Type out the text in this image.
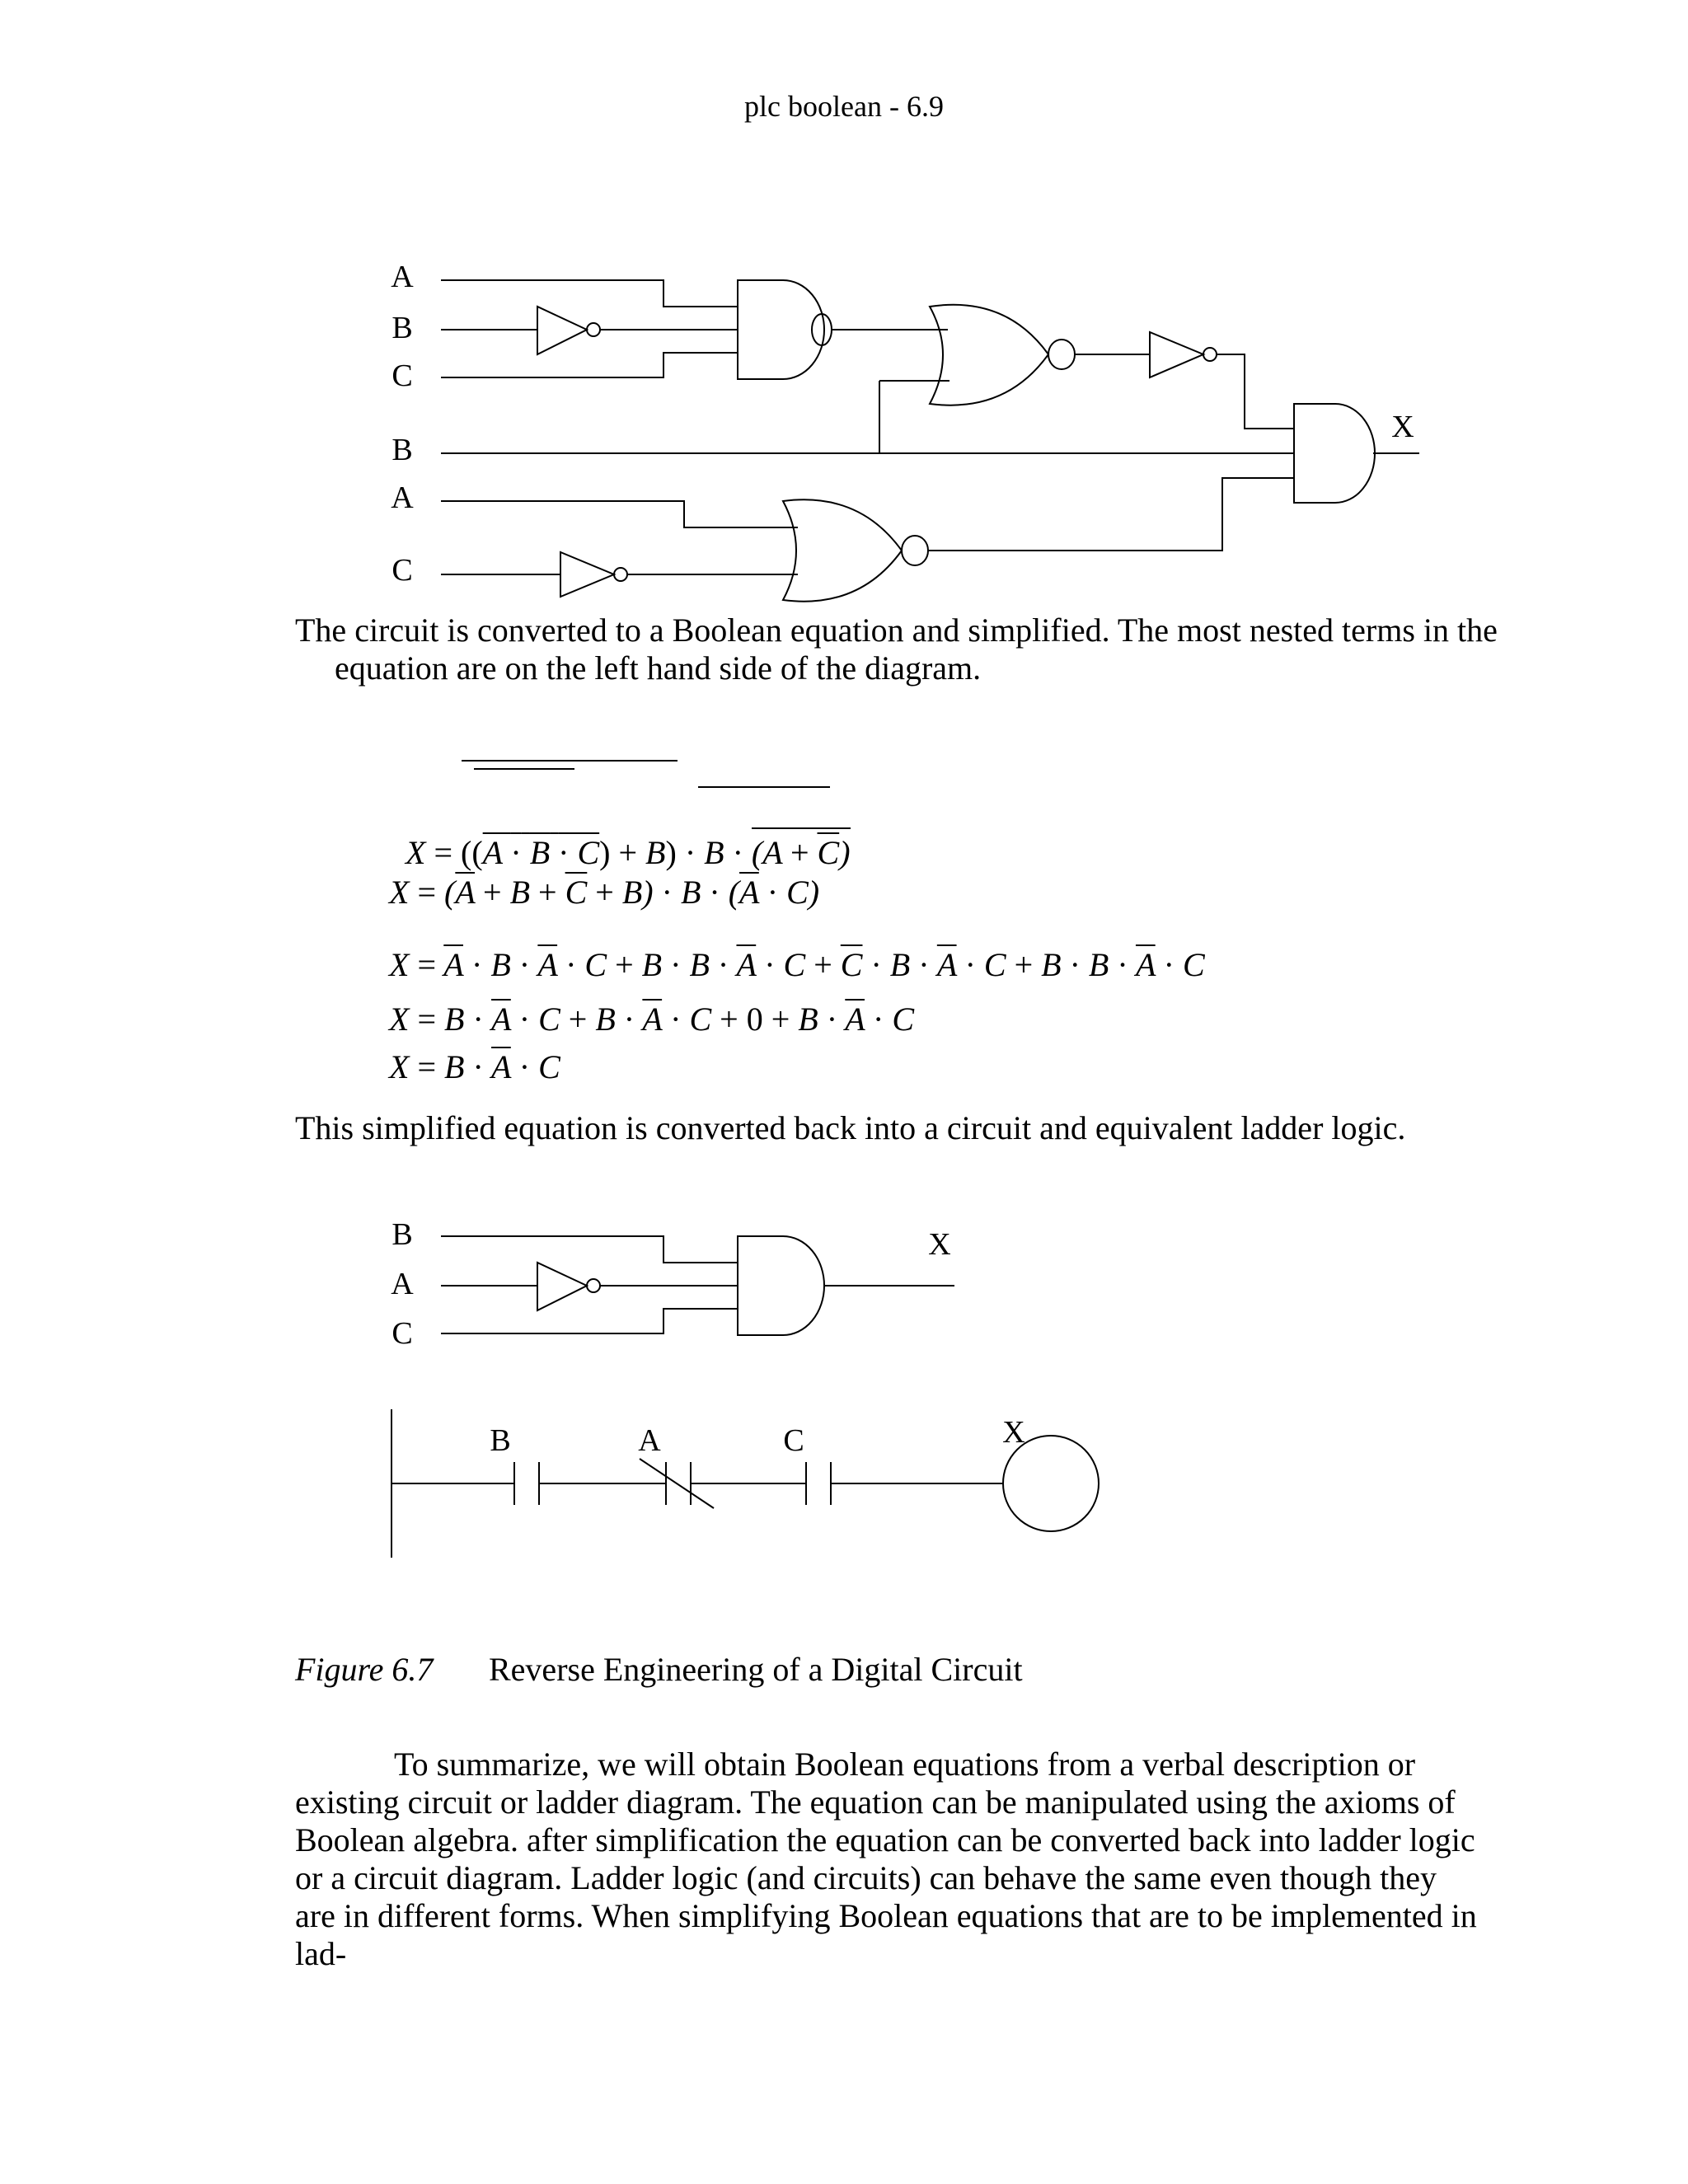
plc boolean - 6.9
A
B
C
B
A
C
X

The circuit is converted to a Boolean equation and simplified. The most nested terms in the equation are on the left hand side of the diagram.

$X = ((A \cdot B \cdot C) + B) \cdot B \cdot (A + \overline{C})$

$X = (\overline{A} + B + \overline{C} + B) \cdot B \cdot (\overline{A} \cdot C)$
$X = \overline{A} \cdot B \cdot \overline{A} \cdot C + B \cdot B \cdot \overline{A} \cdot C + \overline{C} \cdot B \cdot \overline{A} \cdot C + B \cdot B \cdot \overline{A} \cdot C$
$X = B \cdot \overline{A} \cdot C + B \cdot \overline{A} \cdot C + 0 + B \cdot \overline{A} \cdot C$
$X = B \cdot \overline{A} \cdot C$

This simplified equation is converted back into a circuit and equivalent ladder logic.

B
A
C
X
B	A	C	X
Figure 6.7 Reverse Engineering of a Digital Circuit

To summarize, we will obtain Boolean equations from a verbal description or existing circuit or ladder diagram. The equation can be manipulated using the axioms of Boolean algebra. after simplification the equation can be converted back into ladder logic or a circuit diagram. Ladder logic (and circuits) can behave the same even though they are in different forms. When simplifying Boolean equations that are to be implemented in lad-
